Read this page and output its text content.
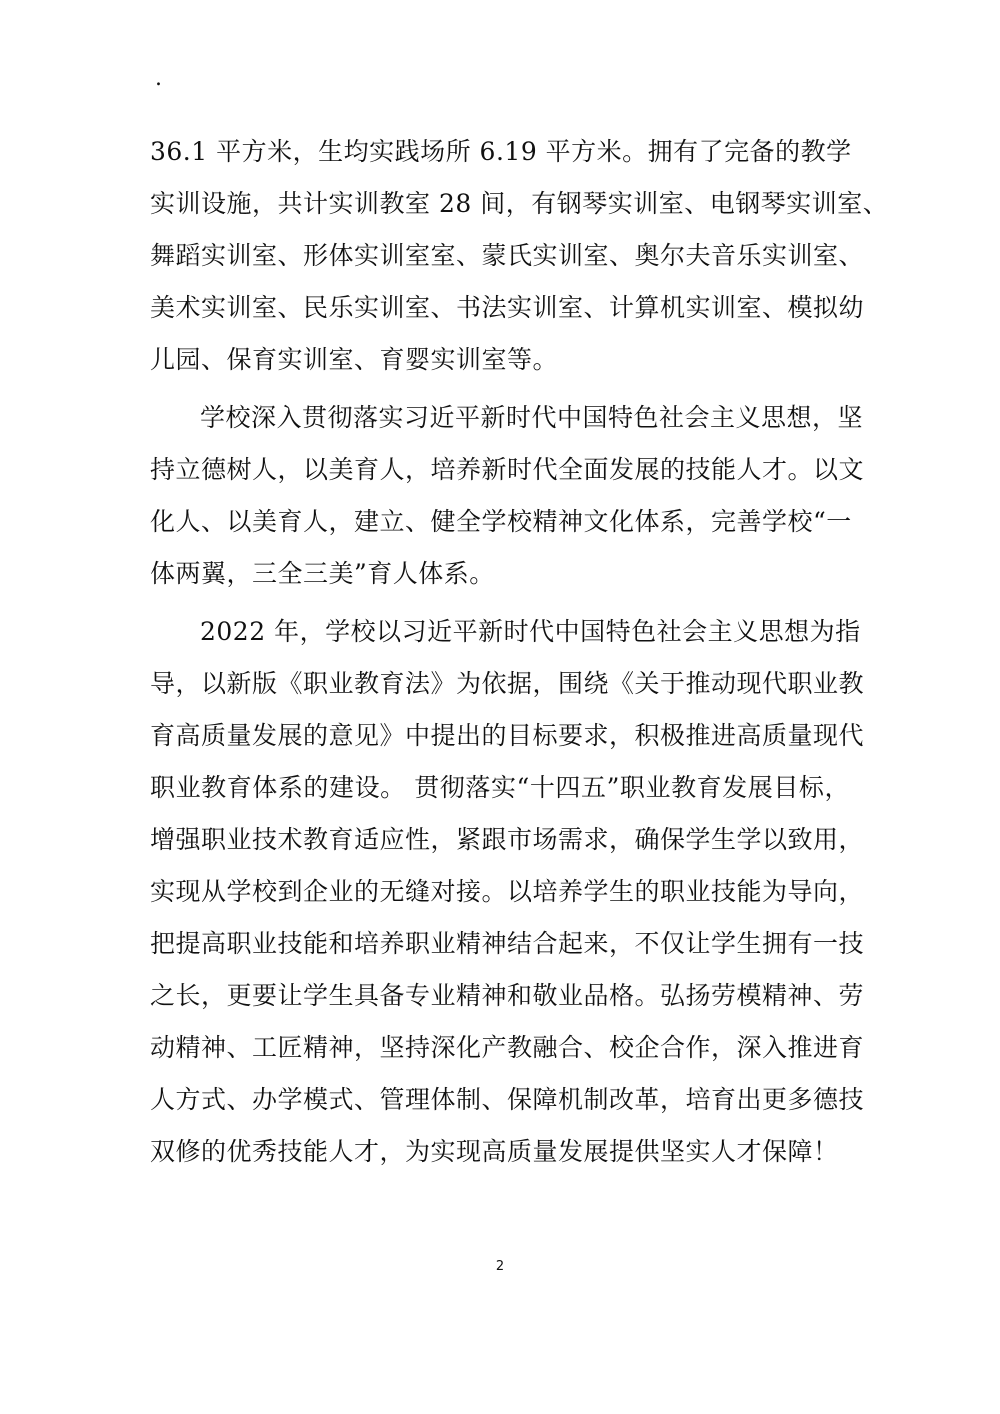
.
36.1 平方米，生均实践场所 6.19 平方米。拥有了完备的教学
实训设施，共计实训教室 28 间，有钢琴实训室、电钢琴实训室、
舞蹈实训室、形体实训室室、蒙氏实训室、奥尔夫音乐实训室、
美术实训室、民乐实训室、书法实训室、计算机实训室、模拟幼
儿园、保育实训室、育婴实训室等。
学校深入贯彻落实习近平新时代中国特色社会主义思想，坚
持立德树人，以美育人，培养新时代全面发展的技能人才。以文
化人、以美育人，建立、健全学校精神文化体系，完善学校“一
体两翼，三全三美”育人体系。
2022 年，学校以习近平新时代中国特色社会主义思想为指
导，以新版《职业教育法》为依据，围绕《关于推动现代职业教
育高质量发展的意见》中提出的目标要求，积极推进高质量现代
职业教育体系的建设。 贯彻落实“十四五”职业教育发展目标，
增强职业技术教育适应性，紧跟市场需求，确保学生学以致用，
实现从学校到企业的无缝对接。以培养学生的职业技能为导向，
把提高职业技能和培养职业精神结合起来，不仅让学生拥有一技
之长，更要让学生具备专业精神和敬业品格。弘扬劳模精神、劳
动精神、工匠精神，坚持深化产教融合、校企合作，深入推进育
人方式、办学模式、管理体制、保障机制改革，培育出更多德技
双修的优秀技能人才，为实现高质量发展提供坚实人才保障！
2
